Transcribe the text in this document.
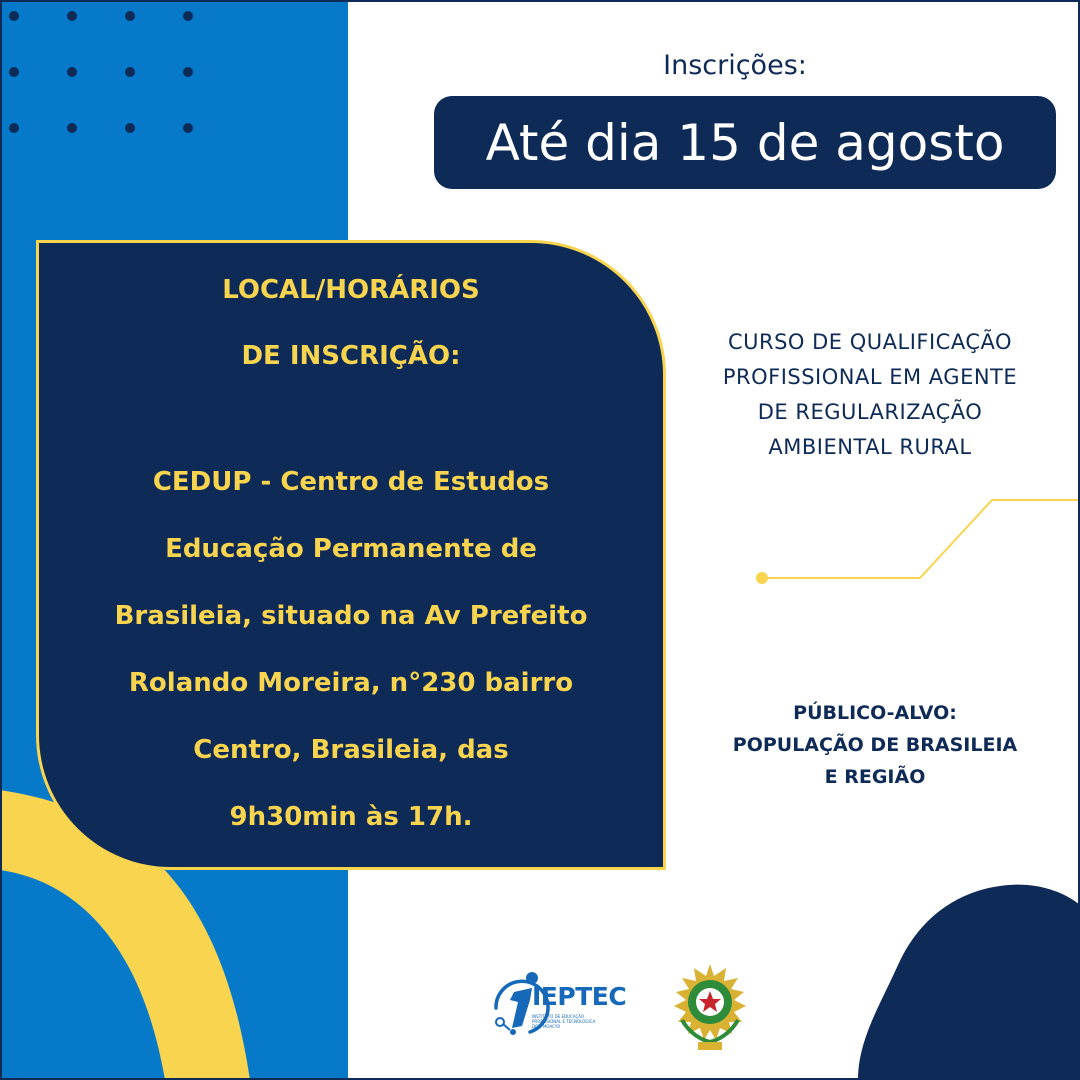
Inscrições:
Até dia 15 de agosto
LOCAL/HORÁRIOS
DE INSCRIÇÃO:
CEDUP - Centro de Estudos
Educação Permanente de
Brasileia, situado na Av Prefeito
Rolando Moreira, n°230 bairro
Centro, Brasileia, das
9h30min às 17h.
CURSO DE QUALIFICAÇÃO
PROFISSIONAL EM AGENTE
DE REGULARIZAÇÃO
AMBIENTAL RURAL
PÚBLICO-ALVO:
POPULAÇÃO DE BRASILEIA
E REGIÃO
IEPTEC
INSTITUTO DE EDUCAÇÃO
PROFISSIONAL E TECNOLÓGICA
DOM MOACYR
